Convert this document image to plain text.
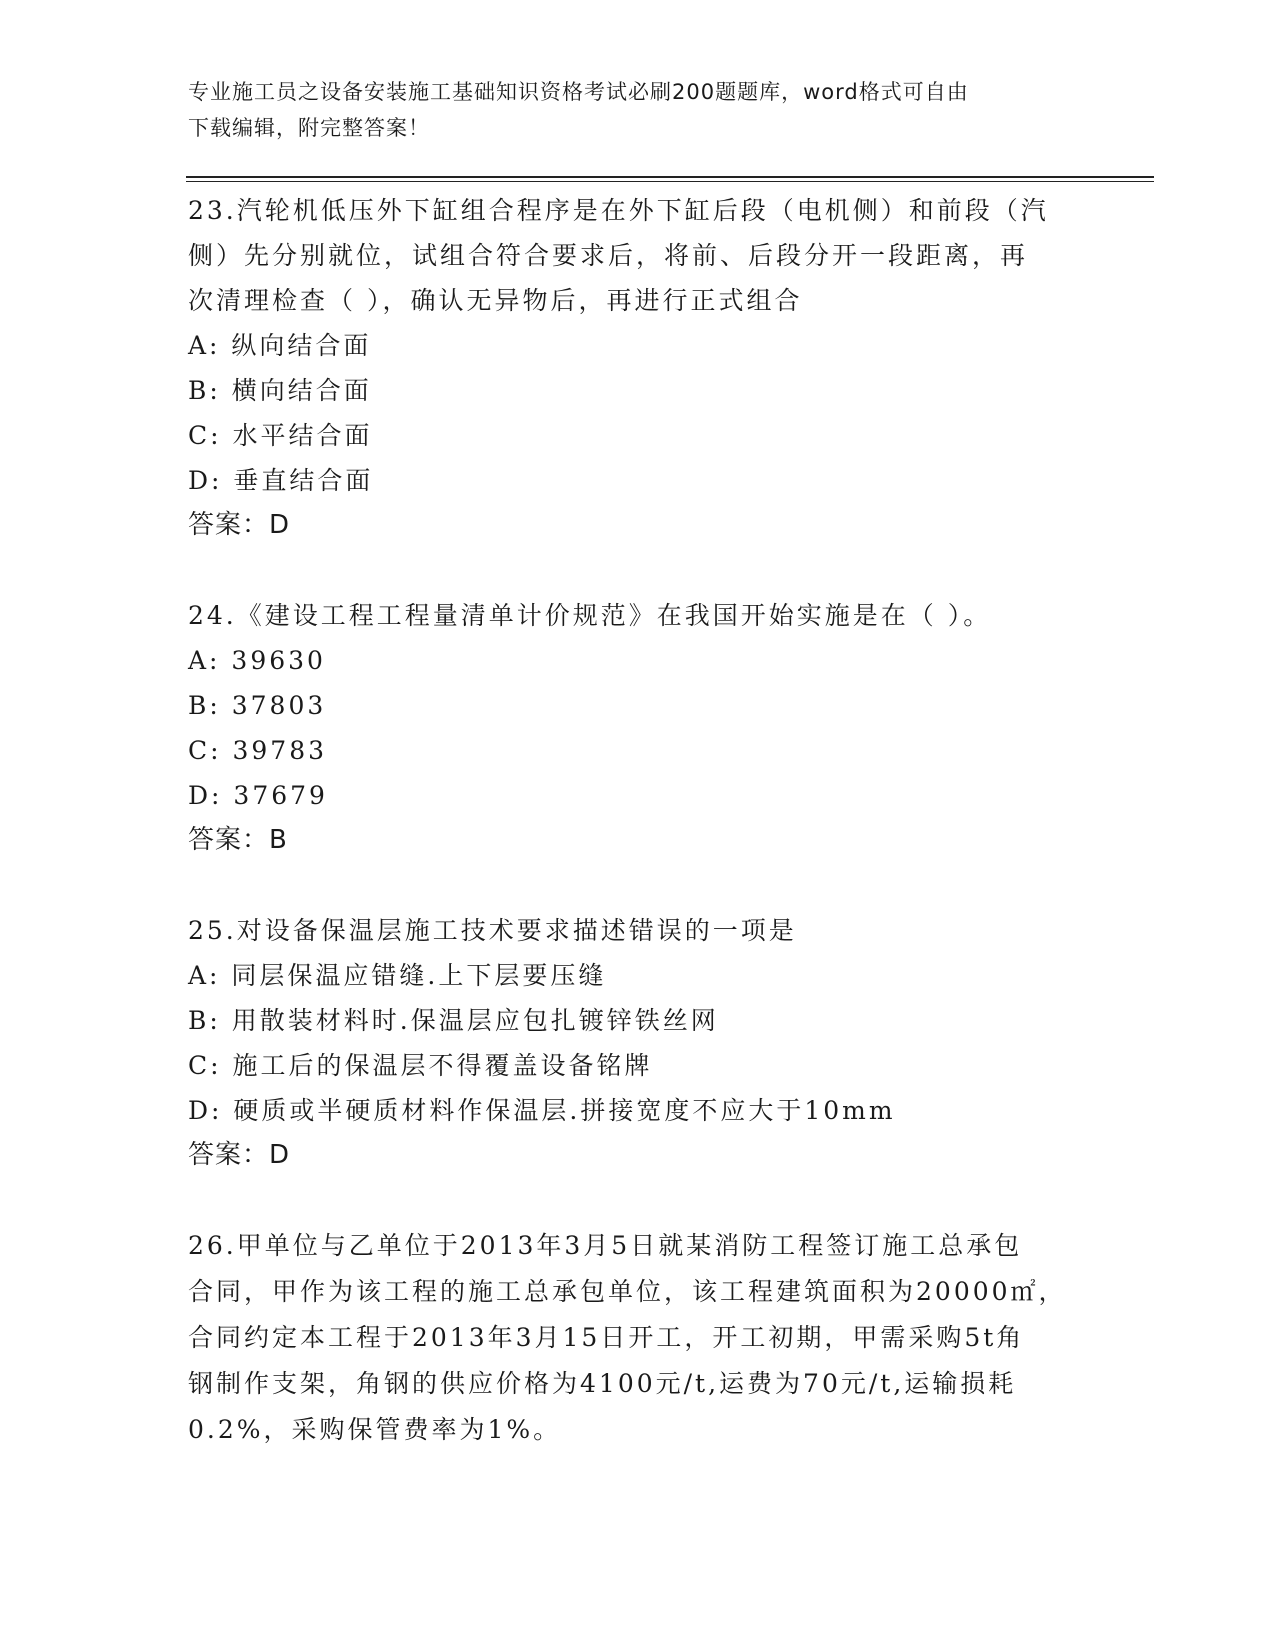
专业施工员之设备安装施工基础知识资格考试必刷200题题库，word格式可自由
下载编辑，附完整答案！

23.汽轮机低压外下缸组合程序是在外下缸后段（电机侧）和前段（汽

侧）先分别就位，试组合符合要求后，将前、后段分开一段距离，再

次清理检查（ ），确认无异物后，再进行正式组合

A: 纵向结合面

B: 横向结合面

C: 水平结合面

D: 垂直结合面

答案：D

24.《建设工程工程量清单计价规范》在我国开始实施是在（ ）。

A: 39630

B: 37803

C: 39783

D: 37679

答案：B

25.对设备保温层施工技术要求描述错误的一项是

A: 同层保温应错缝.上下层要压缝

B: 用散装材料时.保温层应包扎镀锌铁丝网

C: 施工后的保温层不得覆盖设备铭牌

D: 硬质或半硬质材料作保温层.拼接宽度不应大于10mm

答案：D

26.甲单位与乙单位于2013年3月5日就某消防工程签订施工总承包

合同，甲作为该工程的施工总承包单位，该工程建筑面积为20000㎡，

合同约定本工程于2013年3月15日开工，开工初期，甲需采购5t角

钢制作支架，角钢的供应价格为4100元/t,运费为70元/t,运输损耗

0.2%，采购保管费率为1%。
